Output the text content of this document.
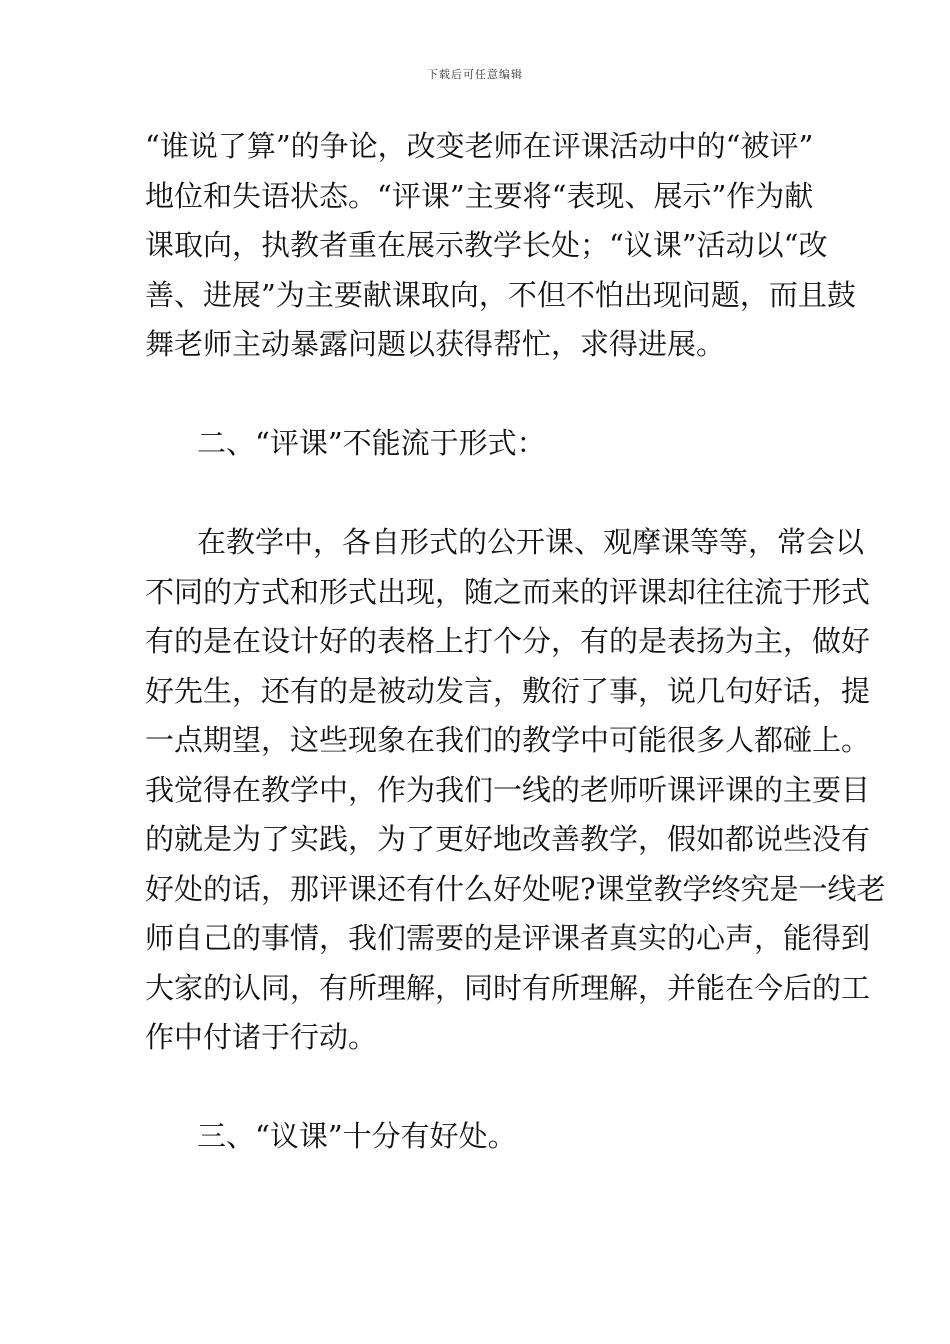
下载后可任意编辑
“谁说了算”的争论，改变老师在评课活动中的“被评”
地位和失语状态。“评课”主要将“表现、展示”作为献
课取向，执教者重在展示教学长处；“议课”活动以“改
善、进展”为主要献课取向，不但不怕出现问题，而且鼓
舞老师主动暴露问题以获得帮忙，求得进展。
二、“评课”不能流于形式：
在教学中，各自形式的公开课、观摩课等等，常会以
不同的方式和形式出现，随之而来的评课却往往流于形式
有的是在设计好的表格上打个分，有的是表扬为主，做好
好先生，还有的是被动发言，敷衍了事，说几句好话，提
一点期望，这些现象在我们的教学中可能很多人都碰上。
我觉得在教学中，作为我们一线的老师听课评课的主要目
的就是为了实践，为了更好地改善教学，假如都说些没有
好处的话，那评课还有什么好处呢?课堂教学终究是一线老
师自己的事情，我们需要的是评课者真实的心声，能得到
大家的认同，有所理解，同时有所理解，并能在今后的工
作中付诸于行动。
三、“议课”十分有好处。
